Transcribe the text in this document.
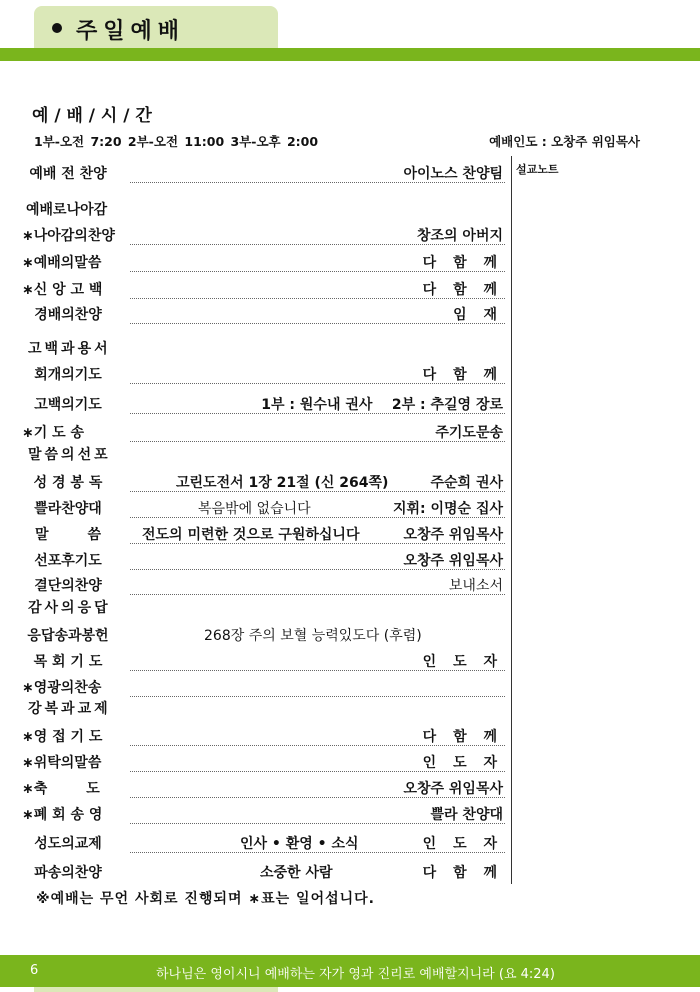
주일예배
예 / 배 / 시 / 간
1부-오전 7:20 2부-오전 11:00 3부-오후 2:00	예배인도 : 오창주 위임목사
설교노트
예배 전 찬양	아이노스 찬양팀
예배로나아감
∗나아감의찬양	창조의 아버지
∗예배의말씀	다 함 께
∗신 앙 고 백	다 함 께
경배의찬양	임 재
고백과용서
회개의기도	다 함 께
고백의기도	1부 : 원수내 권사    2부 : 추길영 장로
∗기 도 송	주기도문송
말씀의선포
성 경 봉 독	고린도전서 1장 21절 (신 264쪽)	주순희 권사
쁠라찬양대	복음밖에 없습니다	지휘: 이명순 집사
말        씀	전도의 미련한 것으로 구원하십니다	오창주 위임목사
선포후기도	오창주 위임목사
결단의찬양	보내소서
감사의응답
응답송과봉헌	268장 주의 보혈 능력있도다 (후렴)
목 회 기 도	인 도 자
∗영광의찬송
강복과교제
∗영 접 기 도	다 함 께
∗위탁의말씀	인 도 자
∗축        도	오창주 위임목사
∗폐 회 송 영	쁠라 찬양대
성도의교제	인사 • 환영 • 소식	인 도 자
파송의찬양	소중한 사람	다 함 께
※예배는 무언 사회로 진행되며 ∗표는 일어섭니다.
6	하나님은 영이시니 예배하는 자가 영과 진리로 예배할지니라 (요 4:24)
